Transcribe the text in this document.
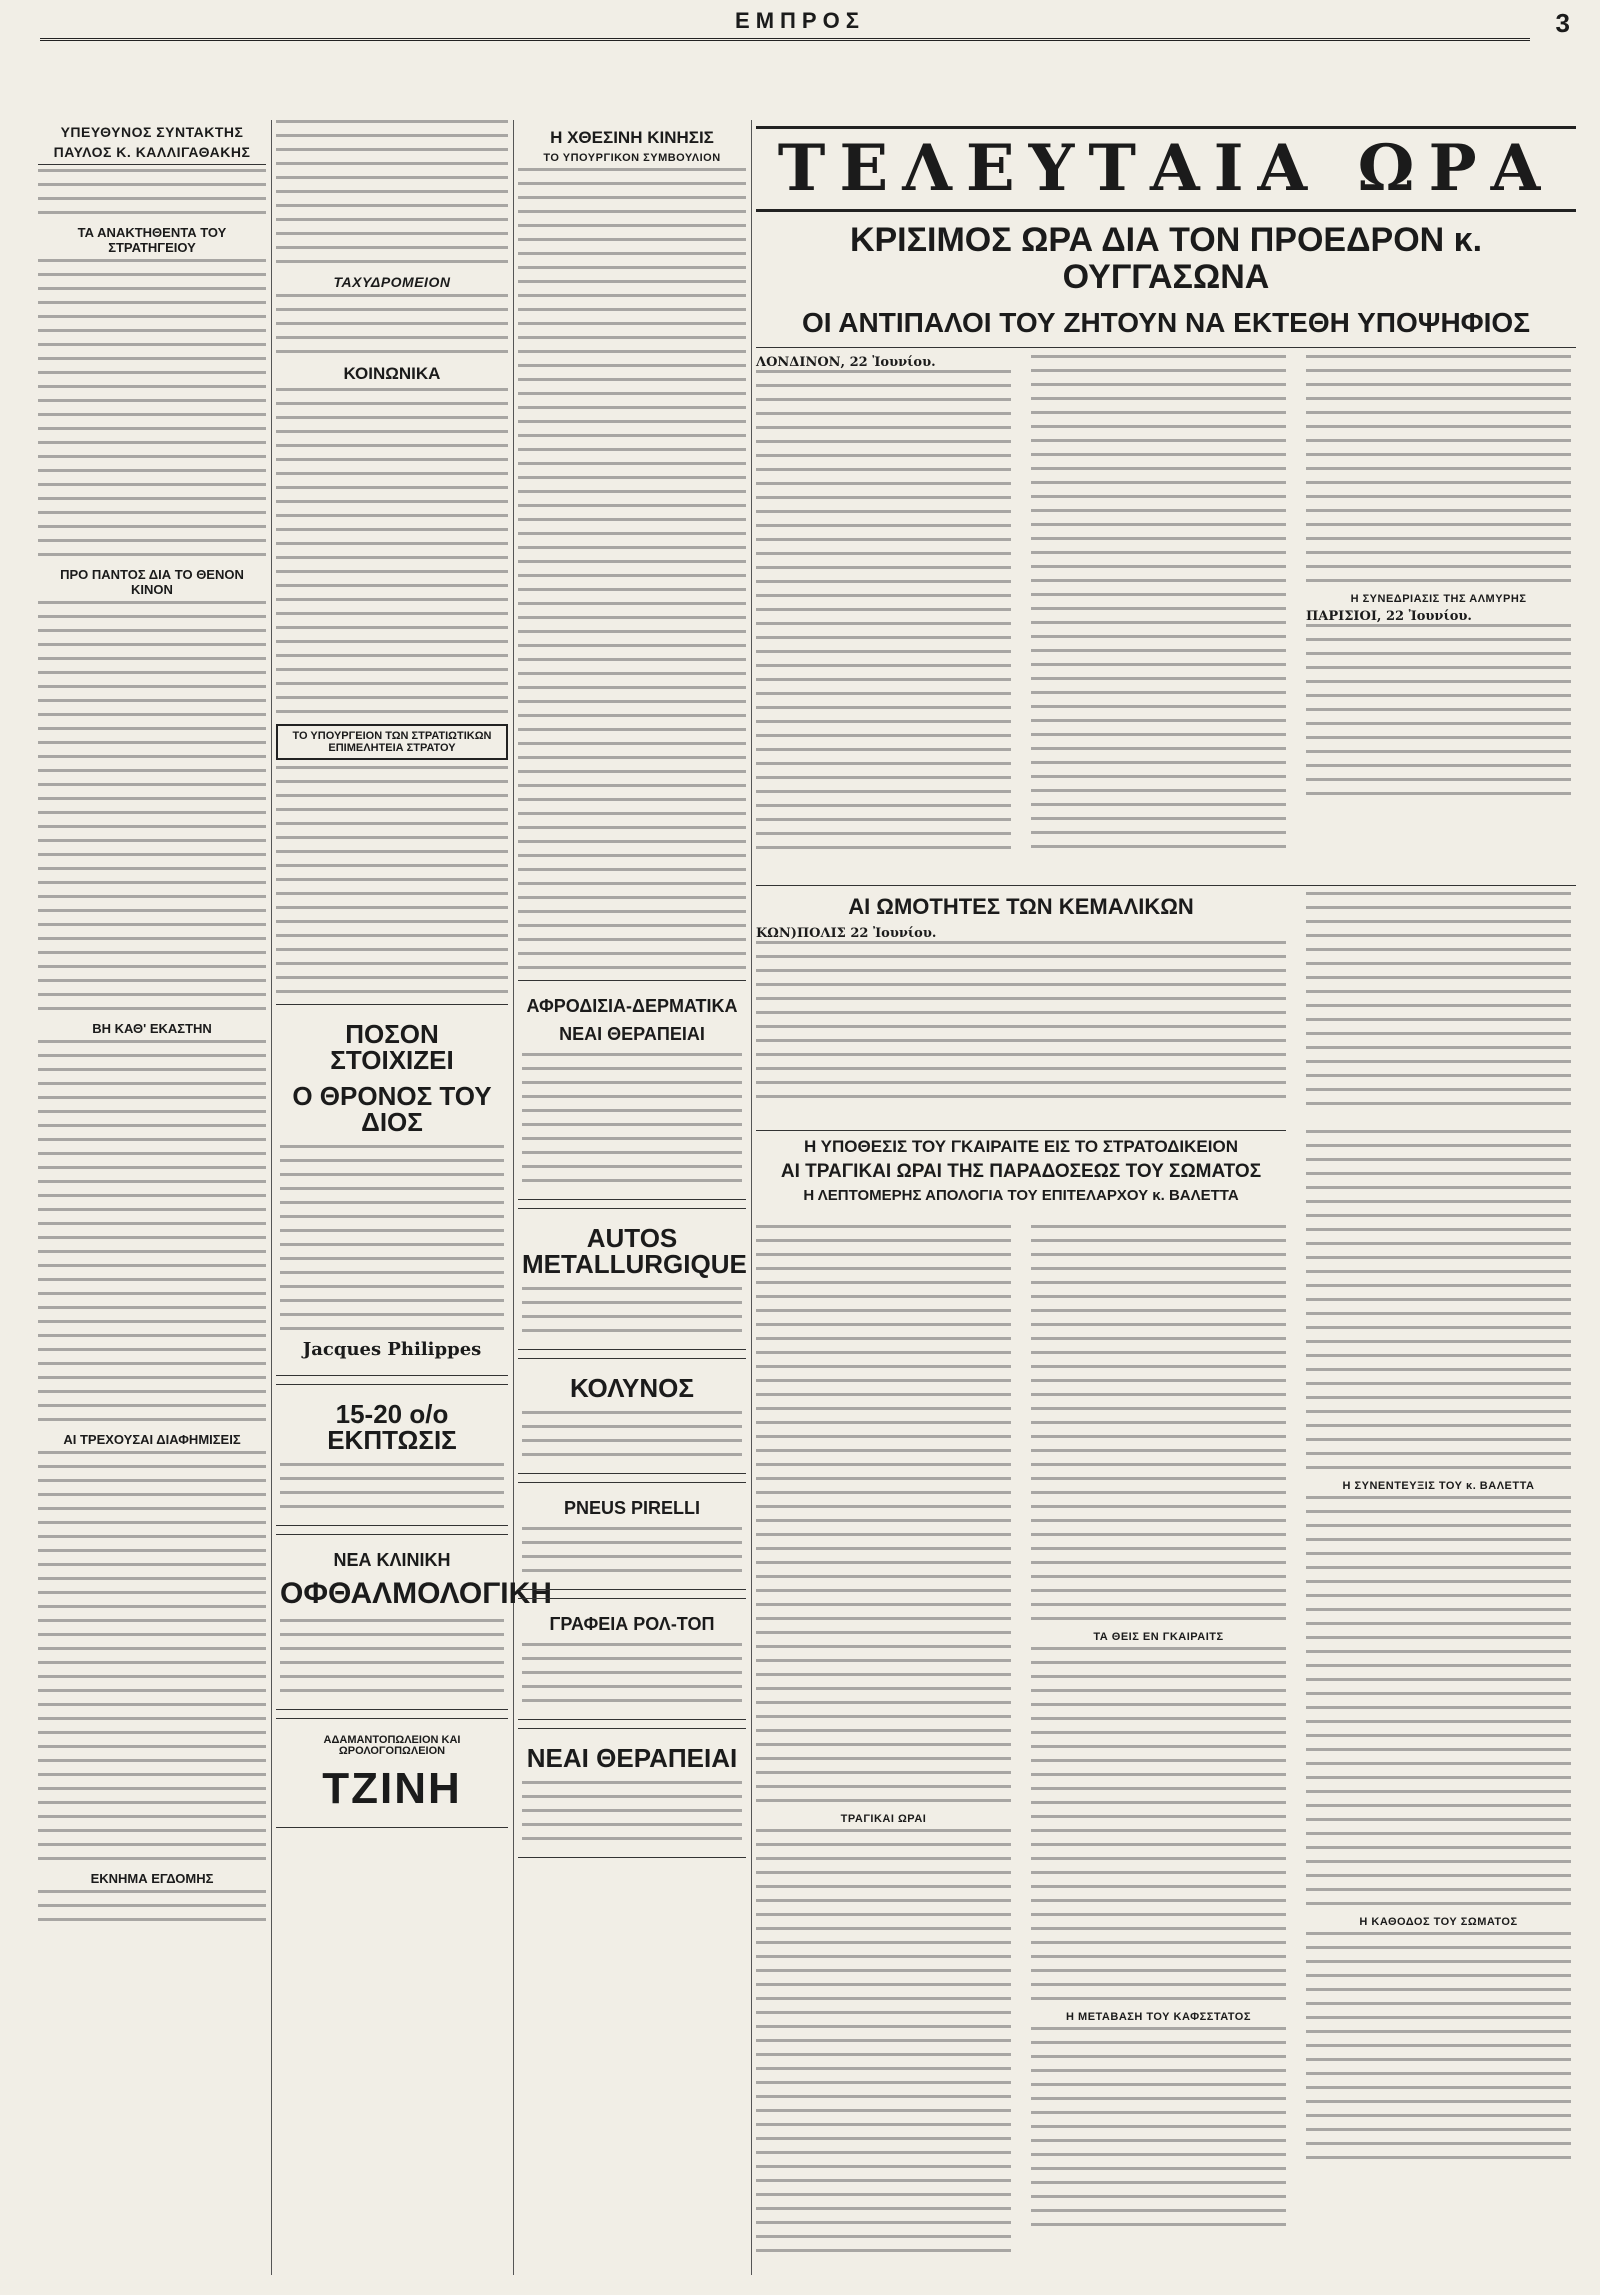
ΕΜΠΡΟΣ	3
ΥΠΕΥΘΥΝΟΣ ΣΥΝΤΑΚΤΗΣ
ΠΑΥΛΟΣ Κ. ΚΑΛΛΙΓΑΘΑΚΗΣ
ΤΑ ΑΝΑΚΤΗΘΕΝΤΑ ΤΟΥ ΣΤΡΑΤΗΓΕΙΟΥ
ΠΡΟ ΠΑΝΤΟΣ ΔΙΑ ΤΟ ΘΕΝΟΝ ΚΙΝΟΝ
ΒΗ ΚΑΘ' ΕΚΑΣΤΗΝ
ΑΙ ΤΡΕΧΟΥΣΑΙ ΔΙΑΦΗΜΙΣΕΙΣ
ΕΚΝΗΜΑ ΕΓΔΟΜΗΣ
ΤΑΧΥΔΡΟΜΕΙΟΝ
ΚΟΙΝΩΝΙΚΑ
ΤΟ ΥΠΟΥΡΓΕΙΟΝ ΤΩΝ ΣΤΡΑΤΙΩΤΙΚΩΝ
ΕΠΙΜΕΛΗΤΕΙΑ ΣΤΡΑΤΟΥ
ΠΟΣΟΝ ΣΤΟΙΧΙΖΕΙ
Ο ΘΡΟΝΟΣ ΤΟΥ ΔΙΟΣ
Jacques Philippes
15-20 ο/ο ΕΚΠΤΩΣΙΣ
ΝΕΑ ΚΛΙΝΙΚΗ
ΟΦΘΑΛΜΟΛΟΓΙΚΗ
ΑΔΑΜΑΝΤΟΠΩΛΕΙΟΝ ΚΑΙ ΩΡΟΛΟΓΟΠΩΛΕΙΟΝ
ΤΖΙΝΗ
Η ΧΘΕΣΙΝΗ ΚΙΝΗΣΙΣ
ΤΟ ΥΠΟΥΡΓΙΚΟΝ ΣΥΜΒΟΥΛΙΟΝ
ΑΦΡΟΔΙΣΙΑ-ΔΕΡΜΑΤΙΚΑ
ΝΕΑΙ ΘΕΡΑΠΕΙΑΙ
AUTOS METALLURGIQUE
ΚΟΛΥΝΟΣ
PNEUS PIRELLI
ΓΡΑΦΕΙΑ ΡΟΛ-ΤΟΠ
ΝΕΑΙ ΘΕΡΑΠΕΙΑΙ
ΤΕΛΕΥΤΑΙΑ ΩΡΑ
ΚΡΙΣΙΜΟΣ ΩΡΑ ΔΙΑ ΤΟΝ ΠΡΟΕΔΡΟΝ κ. ΟΥΓΓΑΣΩΝΑ
ΟΙ ΑΝΤΙΠΑΛΟΙ ΤΟΥ ΖΗΤΟΥΝ ΝΑ ΕΚΤΕΘΗ ΥΠΟΨΗΦΙΟΣ
ΛΟΝΔΙΝΟΝ, 22 Ἰουνίου.
Η ΣΥΝΕΔΡΙΑΣΙΣ ΤΗΣ ΑΛΜΥΡΗΣ
ΠΑΡΙΣΙΟΙ, 22 Ἰουνίου.
ΑΙ ΩΜΟΤΗΤΕΣ ΤΩΝ ΚΕΜΑΛΙΚΩΝ
ΚΩΝ)ΠΟΛΙΣ 22 Ἰουνίου.
Η ΥΠΟΘΕΣΙΣ ΤΟΥ ΓΚΑΙΡΑΙΤΕ ΕΙΣ ΤΟ ΣΤΡΑΤΟΔΙΚΕΙΟΝ
ΑΙ ΤΡΑΓΙΚΑΙ ΩΡΑΙ ΤΗΣ ΠΑΡΑΔΟΣΕΩΣ ΤΟΥ ΣΩΜΑΤΟΣ
Η ΛΕΠΤΟΜΕΡΗΣ ΑΠΟΛΟΓΙΑ ΤΟΥ ΕΠΙΤΕΛΑΡΧΟΥ κ. ΒΑΛΕΤΤΑ
ΤΡΑΓΙΚΑΙ ΩΡΑΙ
ΤΑ ΘΕΙΣ ΕΝ ΓΚΑΙΡΑΙΤΣ
Η ΜΕΤΑΒΑΣΗ ΤΟΥ ΚΑΦΣΣΤΑΤΟΣ
Η ΣΥΝΕΝΤΕΥΞΙΣ ΤΟΥ κ. ΒΑΛΕΤΤΑ
Η ΚΑΘΟΔΟΣ ΤΟΥ ΣΩΜΑΤΟΣ
